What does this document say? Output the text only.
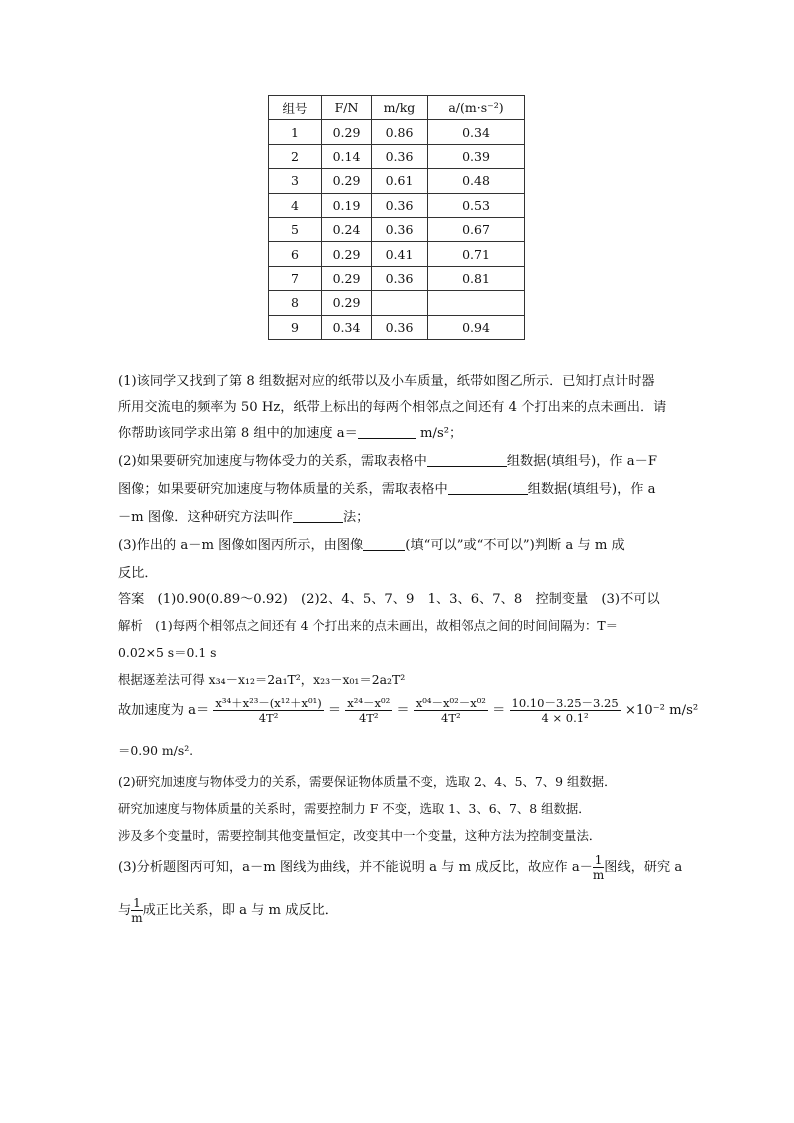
组号	F/N	m/kg	a/(m·s⁻²)
1	0.29	0.86	0.34
2	0.14	0.36	0.39
3	0.29	0.61	0.48
4	0.19	0.36	0.53
5	0.24	0.36	0.67
6	0.29	0.41	0.71
7	0.29	0.36	0.81
8	0.29		
9	0.34	0.36	0.94
(1)该同学又找到了第 8 组数据对应的纸带以及小车质量，纸带如图乙所示．已知打点计时器
所用交流电的频率为 50 Hz，纸带上标出的每两个相邻点之间还有 4 个打出来的点未画出．请
你帮助该同学求出第 8 组中的加速度 a＝	m/s²；
(2)如果要研究加速度与物体受力的关系，需取表格中	组数据(填组号)，作 a－F
图像；如果要研究加速度与物体质量的关系，需取表格中	组数据(填组号)，作 a
－m 图像．这种研究方法叫作	法；
(3)作出的 a－m 图像如图丙所示，由图像	(填“可以”或“不可以”)判断 a 与 m 成
反比．
答案　(1)0.90(0.89～0.92)　(2)2、4、5、7、9　1、3、6、7、8　控制变量　(3)不可以
解析　(1)每两个相邻点之间还有 4 个打出来的点未画出，故相邻点之间的时间间隔为：T＝
0.02×5 s＝0.1 s
根据逐差法可得 x₃₄－x₁₂＝2a₁T²，x₂₃－x₀₁＝2a₂T²
故加速度为 $a= \frac{\text{x³⁴＋x²³－(x¹²＋x⁰¹)}}{\text{4T²}} = \frac{\text{x²⁴－x⁰²}}{\text{4T²}} = \frac{\text{x⁰⁴－x⁰²－x⁰²}}{\text{4T²}} = \frac{10.10-3.25-3.25}{\text{4 × 0.1²}} \times 10^{-2}$ m/s²
＝0.90 m/s².
(2)研究加速度与物体受力的关系，需要保证物体质量不变，选取 2、4、5、7、9 组数据．
研究加速度与物体质量的关系时，需要控制力 F 不变，选取 1、3、6、7、8 组数据．
涉及多个变量时，需要控制其他变量恒定，改变其中一个变量，这种方法为控制变量法．
(3)分析题图丙可知，a－m 图线为曲线，并不能说明 a 与 m 成反比，故应作 $a- \frac{1}{m}$ 图线，研究 a
与 $\frac{1}{m}$ 成正比关系，即 a 与 m 成反比．
